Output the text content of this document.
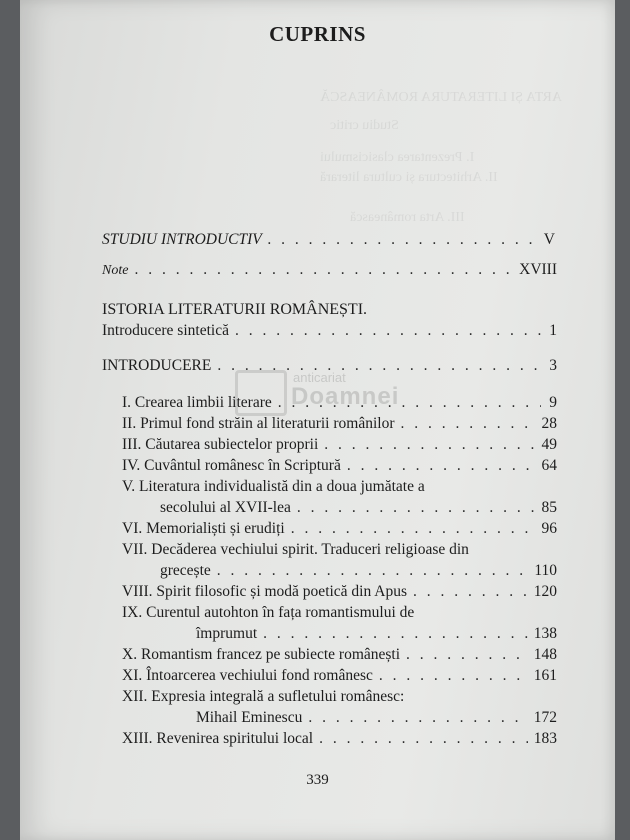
ARTA ȘI LITERATURA ROMÂNEASCĂ
Studiu critic
I. Prezentarea clasicismului
II. Arhitectura și cultura literară
III. Arta românească
CUPRINS
STUDIU INTRODUCTIV . . .	V
Note . . .	XVIII
ISTORIA LITERATURII ROMÂNEȘTI.
Introducere sintetică . . .	1
INTRODUCERE . . .	3
I. Crearea limbii literare . . .	9
II. Primul fond străin al literaturii românilor . . .	28
III. Căutarea subiectelor proprii . . .	49
IV. Cuvântul românesc în Scriptură . . .	64
V. Literatura individualistă din a doua jumătate a
secolului al XVII-lea . . .	85
VI. Memorialiști și erudiți . . .	96
VII. Decăderea vechiului spirit. Traduceri religioase din
grecește . . .	110
VIII. Spirit filosofic și modă poetică din Apus . . .	120
IX. Curentul autohton în fața romantismului de
împrumut . . .	138
X. Romantism francez pe subiecte românești . . .	148
XI. Întoarcerea vechiului fond românesc . . .	161
XII. Expresia integrală a sufletului românesc:
Mihail Eminescu . . .	172
XIII. Revenirea spiritului local . . .	183
anticariat
Doamnei
339
